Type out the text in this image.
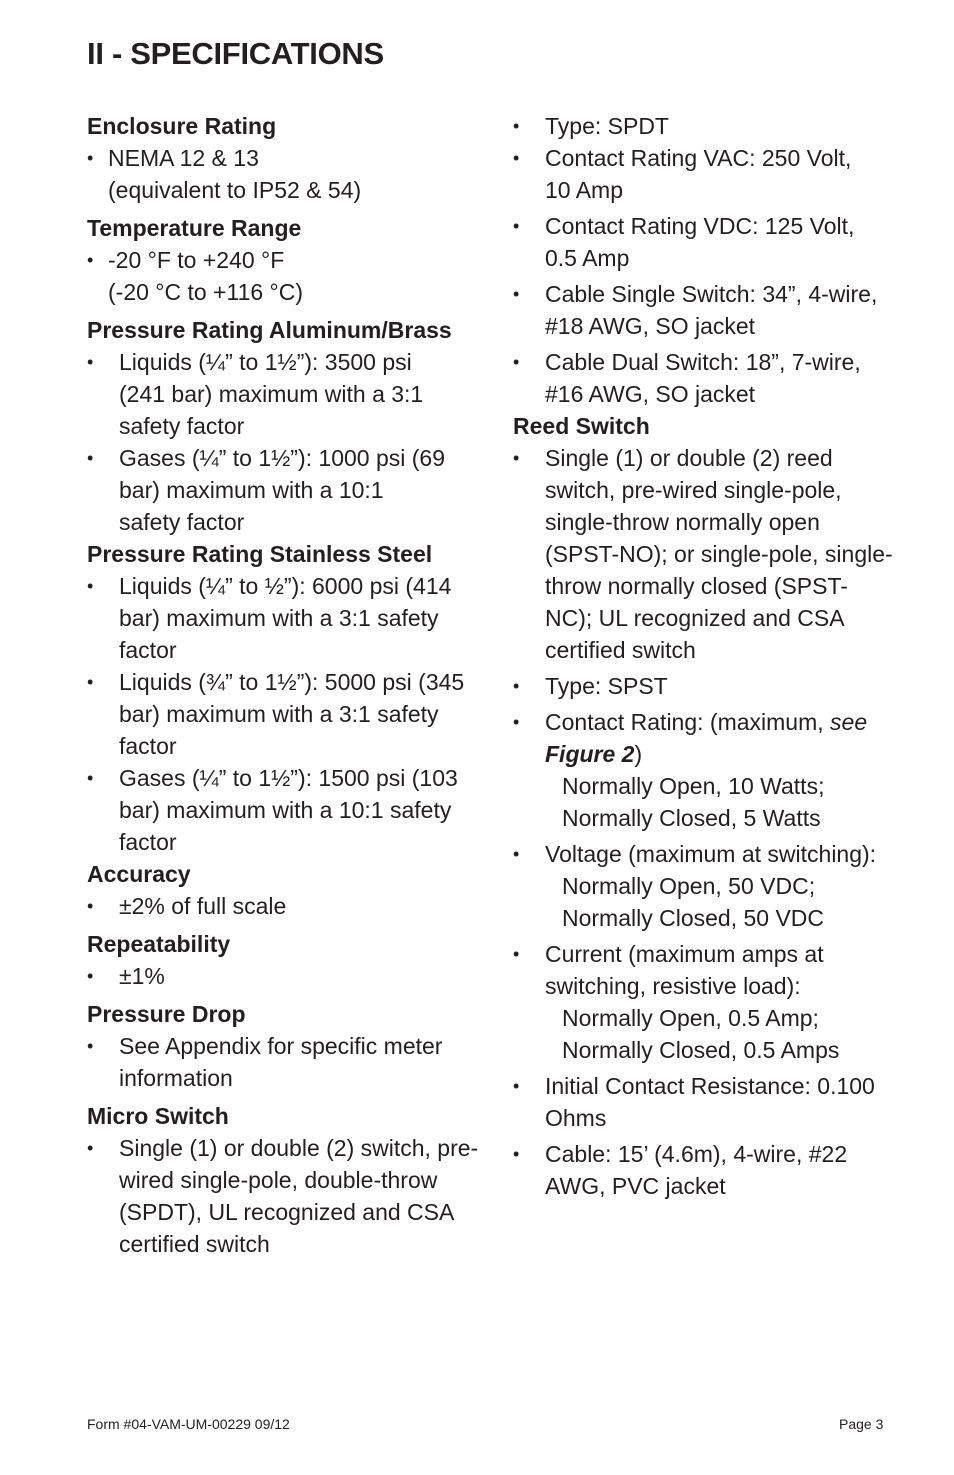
II - SPECIFICATIONS
Enclosure Rating
• NEMA 12 & 13
(equivalent to IP52 & 54)
Temperature Range
• -20 °F to +240 °F
(-20 °C to +116 °C)
Pressure Rating Aluminum/Brass
• Liquids (¼” to 1½”): 3500 psi (241 bar) maximum with a 3:1 safety factor
• Gases (¼” to 1½”): 1000 psi (69 bar) maximum with a 10:1 safety factor
Pressure Rating Stainless Steel
• Liquids (¼” to ½”): 6000 psi (414 bar) maximum with a 3:1 safety factor
• Liquids (¾” to 1½”): 5000 psi (345 bar) maximum with a 3:1 safety factor
• Gases (¼” to 1½”): 1500 psi (103 bar) maximum with a 10:1 safety factor
Accuracy
• ±2% of full scale
Repeatability
• ±1%
Pressure Drop
• See Appendix for specific meter information
Micro Switch
• Single (1) or double (2) switch, pre-wired single-pole, double-throw (SPDT), UL recognized and CSA certified switch
• Type: SPDT
• Contact Rating VAC: 250 Volt, 10 Amp
• Contact Rating VDC: 125 Volt, 0.5 Amp
• Cable Single Switch: 34”, 4-wire, #18 AWG, SO jacket
• Cable Dual Switch: 18”, 7-wire, #16 AWG, SO jacket
Reed Switch
• Single (1) or double (2) reed switch, pre-wired single-pole, single-throw normally open (SPST-NO); or single-pole, single-throw normally closed (SPST-NC); UL recognized and CSA certified switch
• Type: SPST
• Contact Rating: (maximum, see Figure 2)
Normally Open, 10 Watts;
Normally Closed, 5 Watts
• Voltage (maximum at switching):
Normally Open, 50 VDC;
Normally Closed, 50 VDC
• Current (maximum amps at switching, resistive load):
Normally Open, 0.5 Amp;
Normally Closed, 0.5 Amps
• Initial Contact Resistance: 0.100 Ohms
• Cable: 15’ (4.6m), 4-wire, #22 AWG, PVC jacket
Form #04-VAM-UM-00229 09/12	Page 3
